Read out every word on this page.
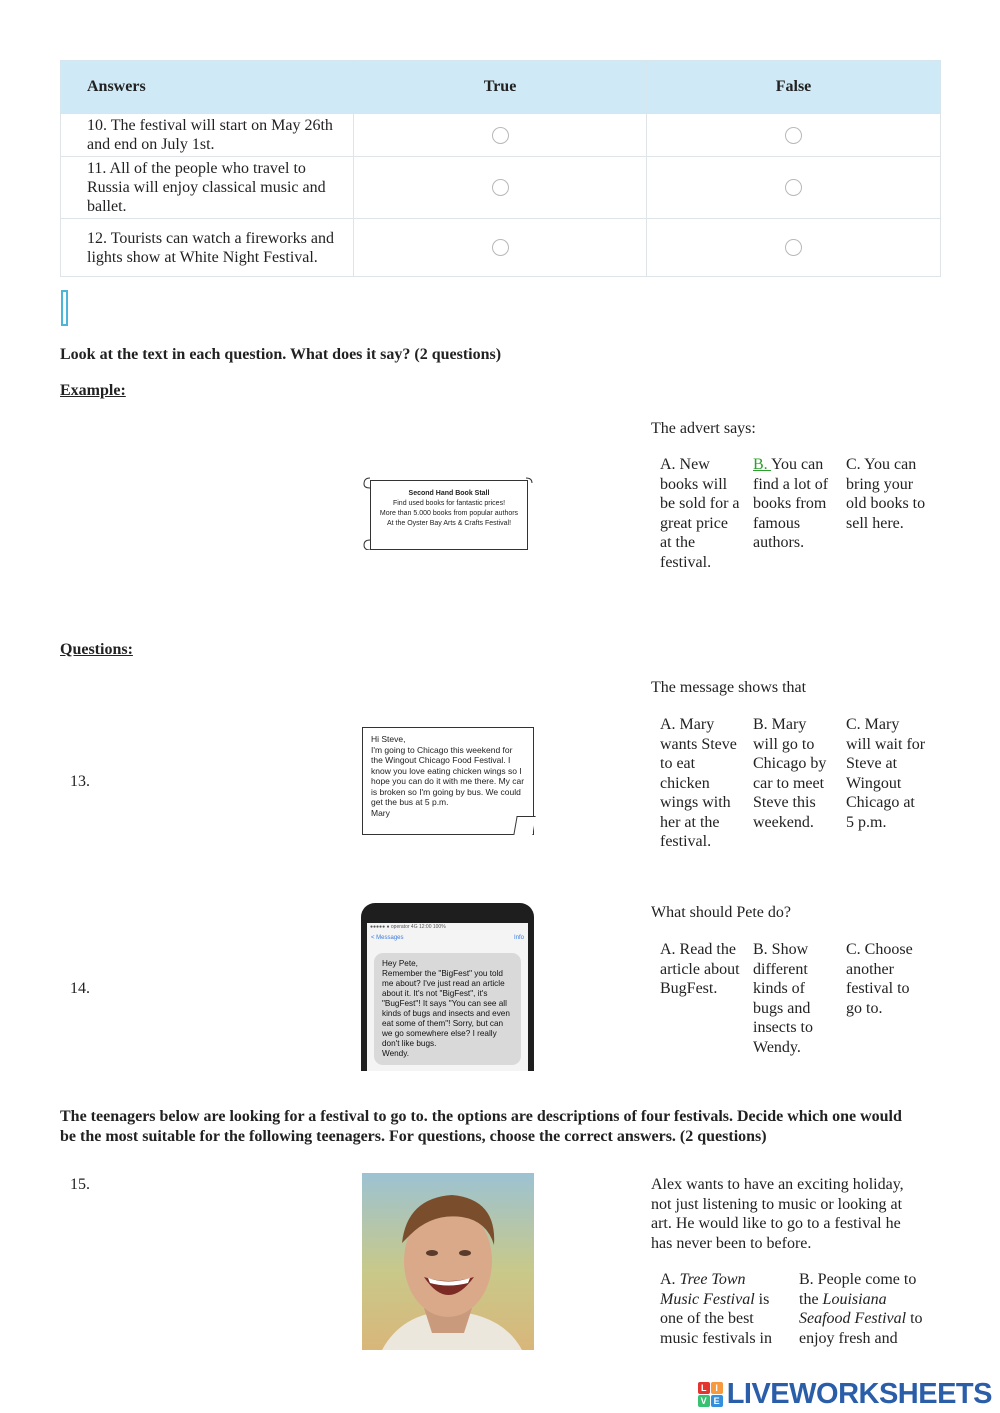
Answers	True	False
10. The festival will start on May 26th and end on July 1st.	

11. All of the people who travel to Russia will enjoy classical music and ballet.	

12. Tourists can watch a fireworks and lights show at White Night Festival.	

Look at the text in each question. What does it say? (2 questions)
Example:
Second Hand Book Stall
Find used books for fantastic prices!
More than 5.000 books from popular authors
At the Oyster Bay Arts & Crafts Festival!
The advert says:
A. New books will be sold for a great price at the festival.
B. You can find a lot of books from famous authors.
C. You can bring your old books to sell here.
Questions:
13.
Hi Steve,
I'm going to Chicago this weekend for the Wingout Chicago Food Festival. I know you love eating chicken wings so I hope you can do it with me there. My car is broken so I'm going by bus. We could get the bus at 5 p.m.
Mary
The message shows that
A. Mary wants Steve to eat chicken wings with her at the festival.
B. Mary will go to Chicago by car to meet Steve this weekend.
C. Mary will wait for Steve at Wingout Chicago at 5 p.m.
14.
●●●●● ● operator 4G 12:00 100%
< Messages	Info
Hey Pete,
Remember the "BigFest" you told me about? I've just read an article about it. It's not "BigFest", it's "BugFest"! It says "You can see all kinds of bugs and insects and even eat some of them"! Sorry, but can we go somewhere else? I really don't like bugs.
Wendy.
What should Pete do?
A. Read the article about BugFest.
B. Show different kinds of bugs and insects to Wendy.
C. Choose another festival to go to.
The teenagers below are looking for a festival to go to. the options are descriptions of four festivals. Decide which one would be the most suitable for the following teenagers. For questions, choose the correct answers. (2 questions)
15.	Alex wants to have an exciting holiday, not just listening to music or looking at art. He would like to go to a festival he has never been to before.
A. Tree Town Music Festival is one of the best music festivals in
B. People come to the Louisiana Seafood Festival to enjoy fresh and
L I
V E LIVEWORKSHEETS
